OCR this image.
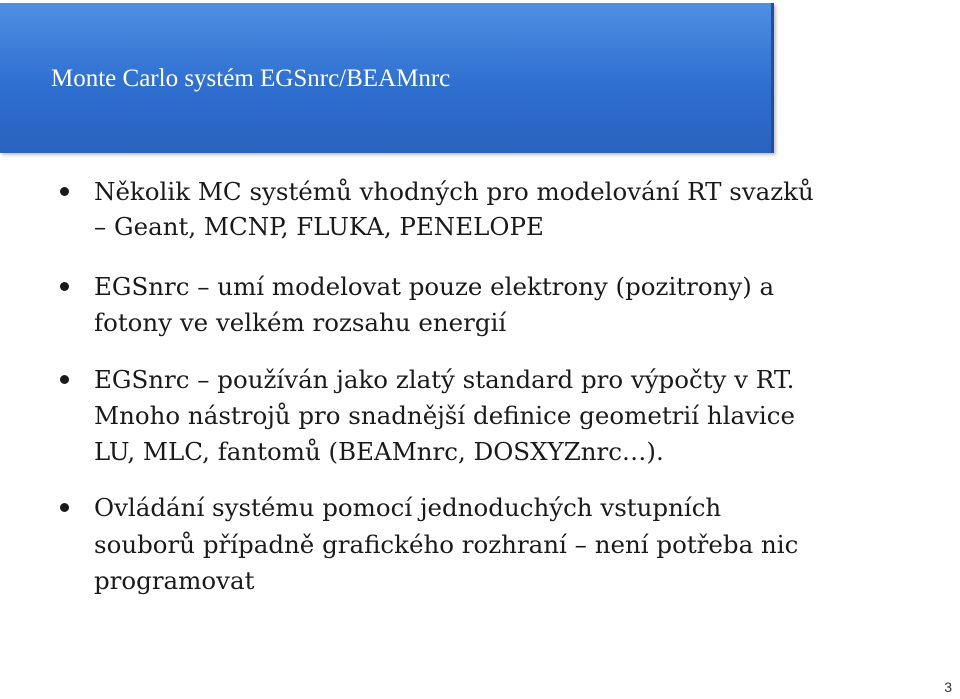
Monte Carlo systém EGSnrc/BEAMnrc
Několik MC systémů vhodných pro modelování RT svazků
– Geant, MCNP, FLUKA, PENELOPE
EGSnrc – umí modelovat pouze elektrony (pozitrony) a
fotony ve velkém rozsahu energií
EGSnrc – používán jako zlatý standard pro výpočty v RT.
Mnoho nástrojů pro snadnější definice geometrií hlavice
LU, MLC, fantomů (BEAMnrc, DOSXYZnrc…).
Ovládání systému pomocí jednoduchých vstupních
souborů případně grafického rozhraní – není potřeba nic
programovat
3
